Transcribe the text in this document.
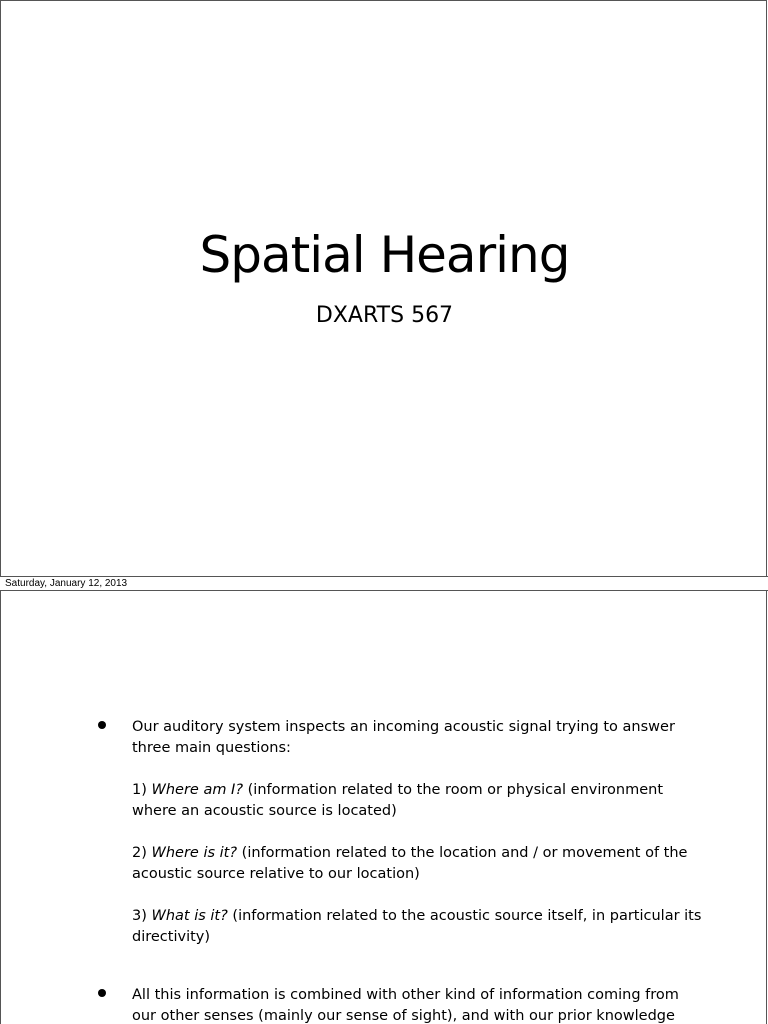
Spatial Hearing
DXARTS 567
Saturday, January 12, 2013
Our auditory system inspects an incoming acoustic signal trying to answer three main questions:
1) Where am I? (information related to the room or physical environment where an acoustic source is located)
2) Where is it? (information related to the location and / or movement of the acoustic source relative to our location)
3) What is it? (information related to the acoustic source itself, in particular its directivity)
All this information is combined with other kind of information coming from our other senses (mainly our sense of sight), and with our prior knowledge
